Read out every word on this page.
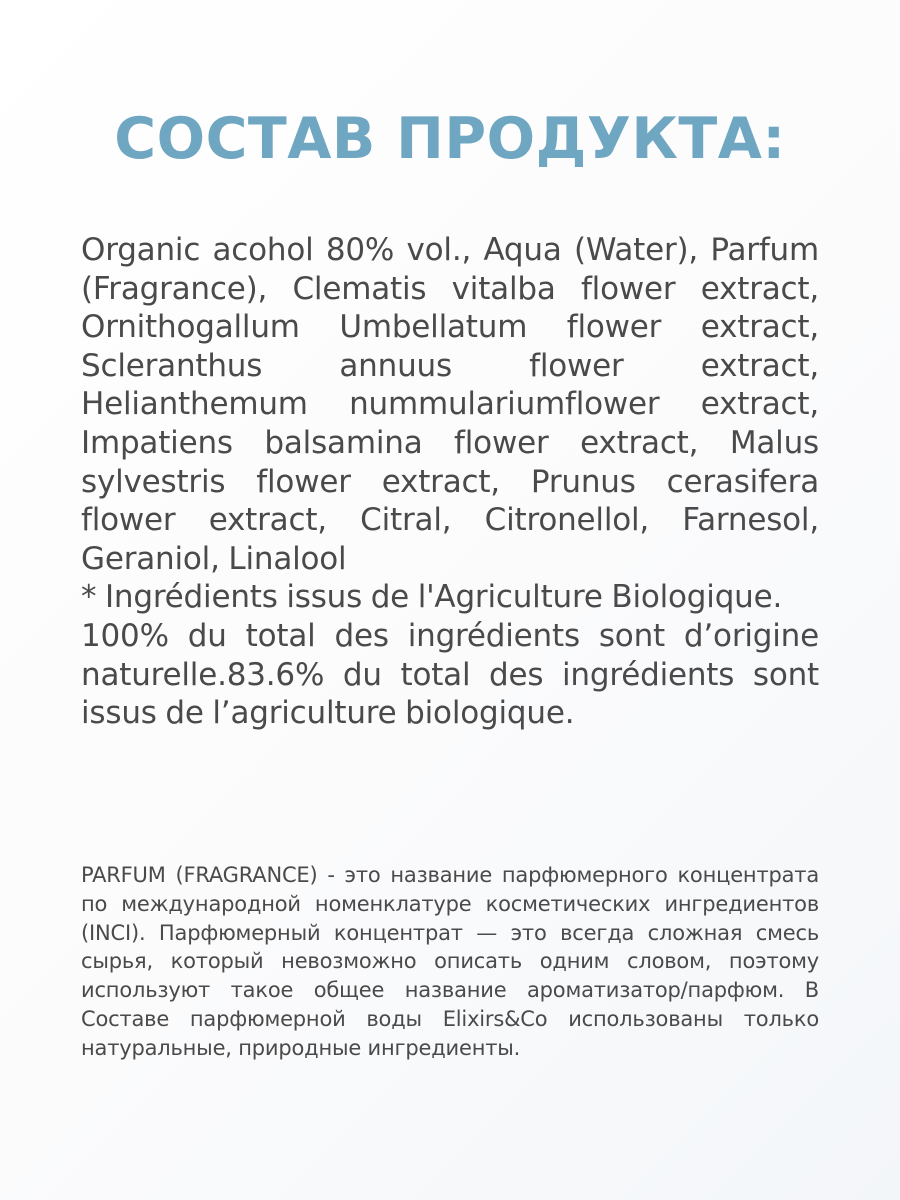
СОСТАВ ПРОДУКТА:

Organic acohol 80% vol., Aqua (Water), Parfum (Fragrance), Clematis vitalba flower extract, Ornithogallum Umbellatum flower extract, Scleranthus annuus flower extract, Helianthemum nummulariumflower extract, Impatiens balsamina flower extract, Malus sylvestris flower extract, Prunus cerasifera flower extract, Citral, Citronellol, Farnesol, Geraniol, Linalool

* Ingrédients issus de l'Agriculture Biologique.

100% du total des ingrédients sont d’origine naturelle.83.6% du total des ingrédients sont issus de l’agriculture biologique.

PARFUM (FRAGRANCE) - это название парфюмерного концентрата по международной номенклатуре косметических ингредиентов (INCI). Парфюмерный концентрат — это всегда сложная смесь сырья, который невозможно описать одним словом, поэтому используют такое общее название ароматизатор/парфюм. В Составе парфюмерной воды Elixirs&Co использованы только натуральные, природные ингредиенты.
